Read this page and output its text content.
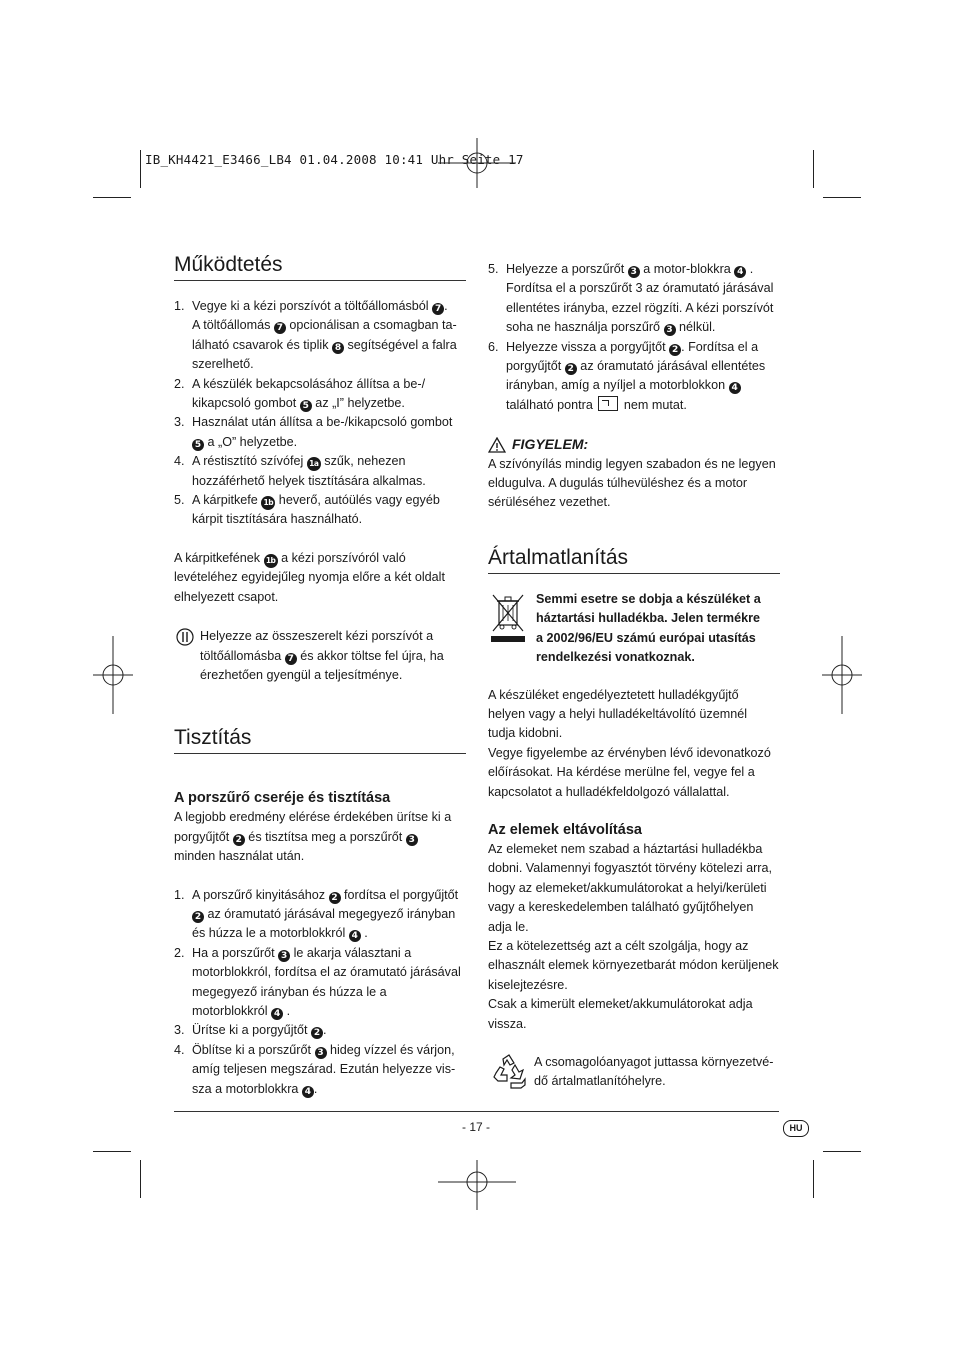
IB_KH4421_E3466_LB4 01.04.2008 10:41 Uhr Seite 17
Működtetés
1. Vegye ki a kézi porszívót a töltőállomásból 7 .
A töltőállomás 7 opcionálisan a csomagban ta-
lálható csavarok és tiplik 8 segítségével a falra
szerelhető.
2. A készülék bekapcsolásához állítsa a be-/
kikapcsoló gombot 5 az „I” helyzetbe.
3. Használat után állítsa a be-/kikapcsoló gombot
5 a „O” helyzetbe.
4. A réstisztító szívófej 1a szűk, nehezen
hozzáférhető helyek tisztítására alkalmas.
5. A kárpitkefe 1b heverő, autóülés vagy egyéb
kárpit tisztítására használható.
A kárpitkefének 1b a kézi porszívóról való
levételéhez egyidejűleg nyomja előre a két oldalt
elhelyezett csapot.
Helyezze az összeszerelt kézi porszívót a
töltőállomásba 7 és akkor töltse fel újra, ha
érezhetően gyengül a teljesítménye.
Tisztítás
A porszűrő cseréje és tisztítása
A legjobb eredmény elérése érdekében ürítse ki a
porgyűjtőt 2 és tisztítsa meg a porszűrőt 3
minden használat után.
1. A porszűrő kinyitásához 2 fordítsa el porgyűjtőt
2 az óramutató járásával megegyező irányban
és húzza le a motorblokkról 4 .
2. Ha a porszűrőt 3 le akarja választani a
motorblokkról, fordítsa el az óramutató járásával
megegyező irányban és húzza le a
motorblokkról 4 .
3. Ürítse ki a porgyűjtőt 2 .
4. Öblítse ki a porszűrőt 3 hideg vízzel és várjon,
amíg teljesen megszárad. Ezután helyezze vis-
sza a motorblokkra 4 .
5. Helyezze a porszűrőt 3 a motor-blokkra 4 .
Fordítsa el a porszűrőt 3 az óramutató járásával
ellentétes irányba, ezzel rögzíti. A kézi porszívót
soha ne használja porszűrő 3 nélkül.
6. Helyezze vissza a porgyűjtőt 2 . Fordítsa el a
porgyűjtőt 2 az óramutató járásával ellentétes
irányban, amíg a nyíljel a motorblokkon 4
található pontra  nem mutat.
FIGYELEM:
A szívónyílás mindig legyen szabadon és ne legyen
eldugulva. A dugulás túlhevüléshez és a motor
sérüléséhez vezethet.
Ártalmatlanítás
Semmi esetre se dobja a készüléket a
háztartási hulladékba. Jelen termékre
a 2002/96/EU számú európai utasítás
rendelkezési vonatkoznak.
A készüléket engedélyeztetett hulladékgyűjtő
helyen vagy a helyi hulladékeltávolító üzemnél
tudja kidobni.
Vegye figyelembe az érvényben lévő idevonatkozó
előírásokat. Ha kérdése merülne fel, vegye fel a
kapcsolatot a hulladékfeldolgozó vállalattal.
Az elemek eltávolítása
Az elemeket nem szabad a háztartási hulladékba
dobni. Valamennyi fogyasztót törvény kötelezi arra,
hogy az elemeket/akkumulátorokat a helyi/kerületi
vagy a kereskedelemben található gyűjtőhelyen
adja le.
Ez a kötelezettség azt a célt szolgálja, hogy az
elhasznált elemek környezetbarát módon kerüljenek
kiselejtezésre.
Csak a kimerült elemeket/akkumulátorokat adja
vissza.
A csomagolóanyagot juttassa környezetvé-
dő ártalmatlanítóhelyre.
- 17 -	HU
